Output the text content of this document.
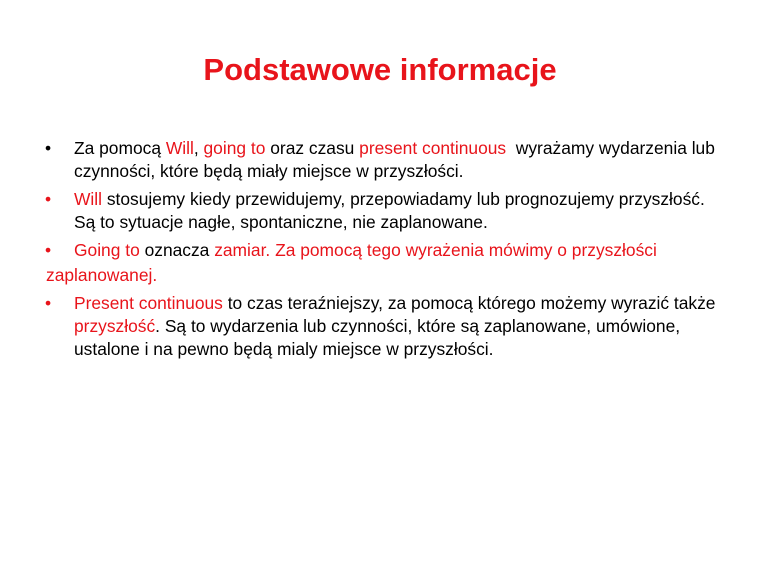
Podstawowe informacje
•	Za pomocą Will, going to oraz czasu present continuous  wyrażamy wydarzenia lub czynności, które będą miały miejsce w przyszłości.
•	Will stosujemy kiedy przewidujemy, przepowiadamy lub prognozujemy przyszłość. Są to sytuacje nagłe, spontaniczne, nie zaplanowane.
•	Going to oznacza zamiar. Za pomocą tego wyrażenia mówimy o przyszłości
zaplanowanej.
•	Present continuous to czas teraźniejszy, za pomocą którego możemy wyrazić także przyszłość. Są to wydarzenia lub czynności, które są zaplanowane, umówione, ustalone i na pewno będą mialy miejsce w przyszłości.
